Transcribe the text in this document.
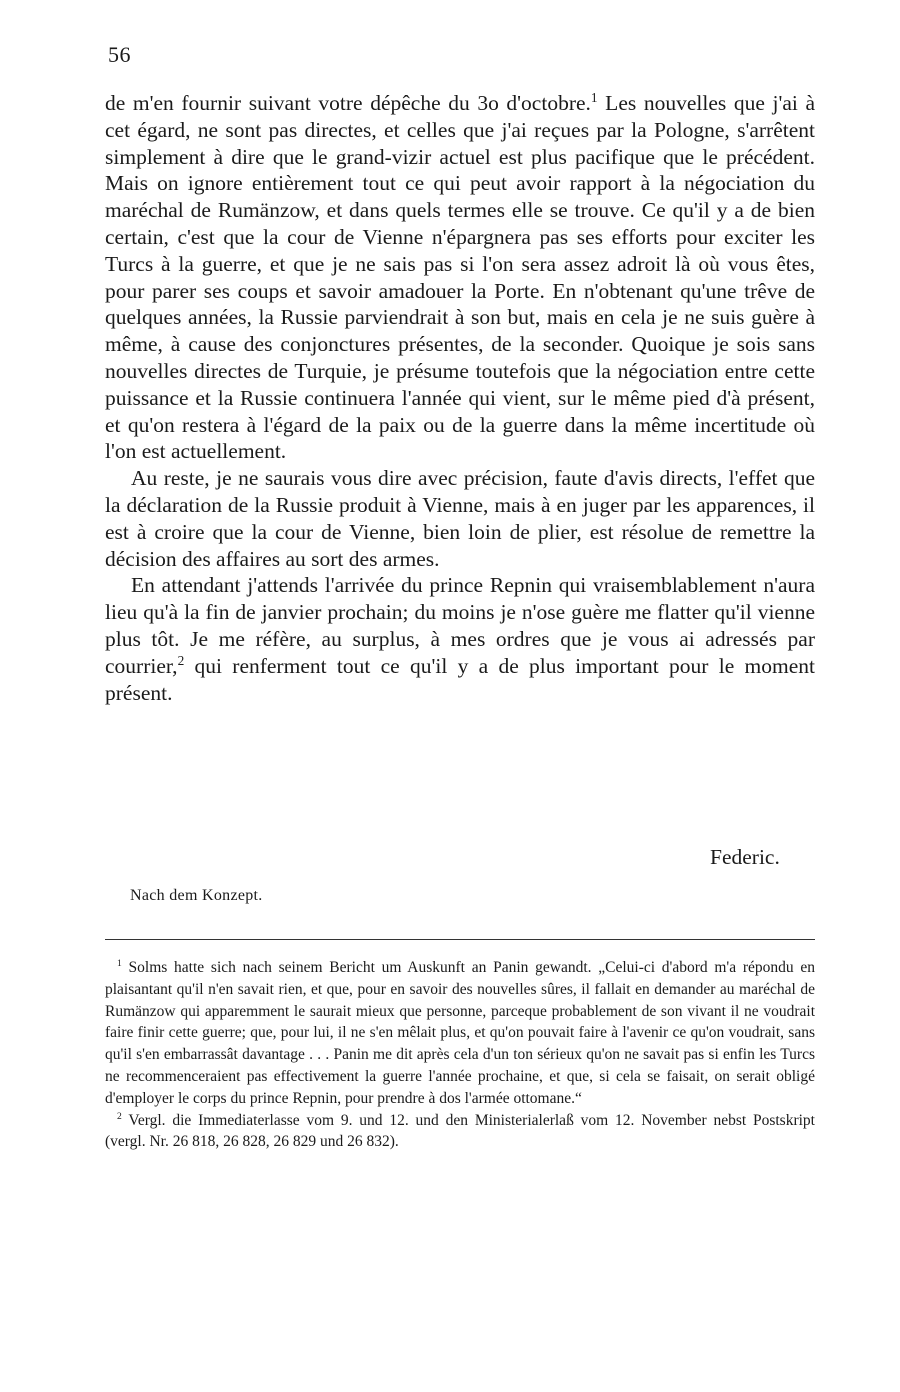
56

de m'en fournir suivant votre dépêche du 3o d'octobre.$^1$ Les nouvelles que j'ai à cet égard, ne sont pas directes, et celles que j'ai reçues par la Pologne, s'arrêtent simplement à dire que le grand-vizir actuel est plus pacifique que le précédent. Mais on ignore entièrement tout ce qui peut avoir rapport à la négociation du maréchal de Rumänzow, et dans quels termes elle se trouve. Ce qu'il y a de bien certain, c'est que la cour de Vienne n'épargnera pas ses efforts pour exciter les Turcs à la guerre, et que je ne sais pas si l'on sera assez adroit là où vous êtes, pour parer ses coups et savoir amadouer la Porte. En n'obtenant qu'une trêve de quelques années, la Russie parviendrait à son but, mais en cela je ne suis guère à même, à cause des conjonctures présentes, de la seconder. Quoique je sois sans nouvelles directes de Turquie, je présume toutefois que la négociation entre cette puissance et la Russie continuera l'année qui vient, sur le même pied d'à présent, et qu'on restera à l'égard de la paix ou de la guerre dans la même incertitude où l'on est actuellement.

Au reste, je ne saurais vous dire avec précision, faute d'avis directs, l'effet que la déclaration de la Russie produit à Vienne, mais à en juger par les apparences, il est à croire que la cour de Vienne, bien loin de plier, est résolue de remettre la décision des affaires au sort des armes.

En attendant j'attends l'arrivée du prince Repnin qui vraisemblablement n'aura lieu qu'à la fin de janvier prochain; du moins je n'ose guère me flatter qu'il vienne plus tôt. Je me réfère, au surplus, à mes ordres que je vous ai adressés par courrier,$^2$ qui renferment tout ce qu'il y a de plus important pour le moment présent.

Federic.
Nach dem Konzept.

$^1$ Solms hatte sich nach seinem Bericht um Auskunft an Panin gewandt. „Celui-ci d'abord m'a répondu en plaisantant qu'il n'en savait rien, et que, pour en savoir des nouvelles sûres, il fallait en demander au maréchal de Rumänzow qui apparemment le saurait mieux que personne, parceque probablement de son vivant il ne voudrait faire finir cette guerre; que, pour lui, il ne s'en mêlait plus, et qu'on pouvait faire à l'avenir ce qu'on voudrait, sans qu'il s'en embarrassât davantage . . . Panin me dit après cela d'un ton sérieux qu'on ne savait pas si enfin les Turcs ne recommenceraient pas effectivement la guerre l'année prochaine, et que, si cela se faisait, on serait obligé d'employer le corps du prince Repnin, pour prendre à dos l'armée ottomane.“

$^2$ Vergl. die Immediaterlasse vom 9. und 12. und den Ministerialerlaß vom 12. November nebst Postskript (vergl. Nr. 26 818, 26 828, 26 829 und 26 832).
